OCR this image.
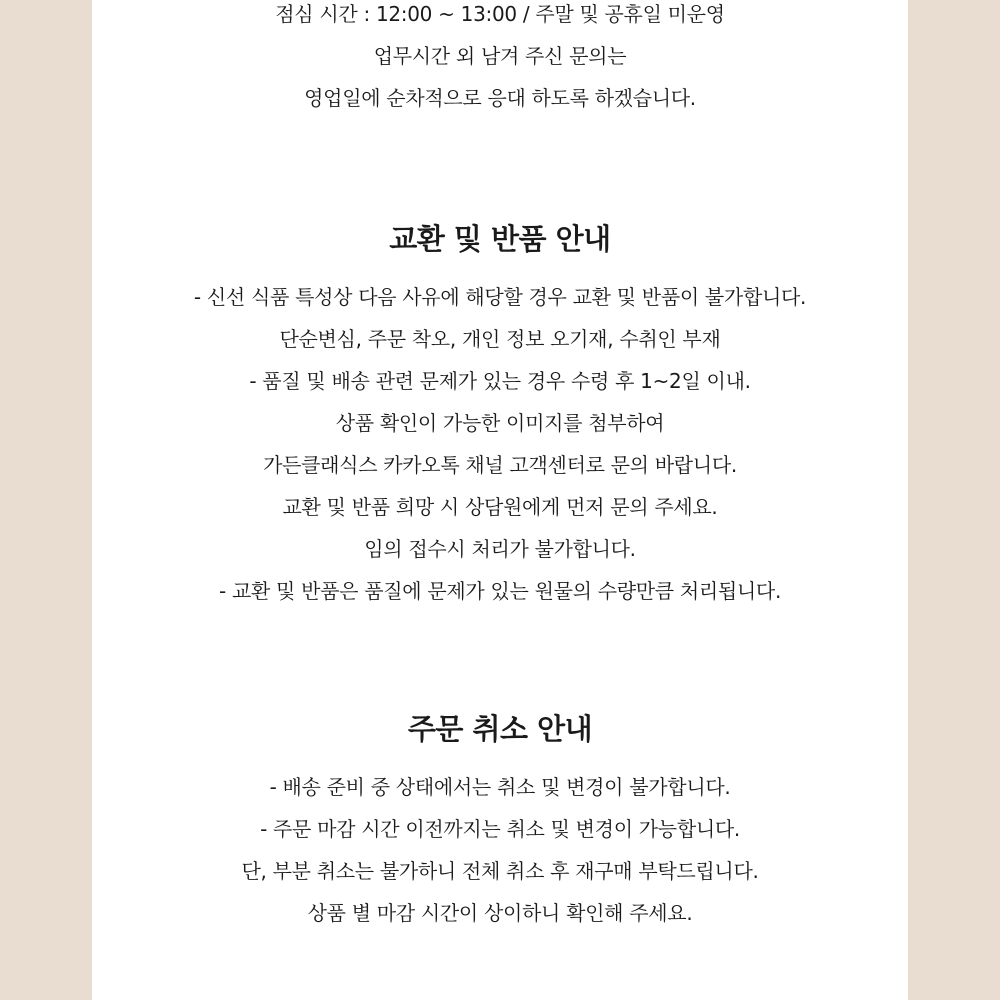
점심 시간 : 12:00 ~ 13:00 / 주말 및 공휴일 미운영
업무시간 외 남겨 주신 문의는
영업일에 순차적으로 응대 하도록 하겠습니다.
교환 및 반품 안내
- 신선 식품 특성상 다음 사유에 해당할 경우 교환 및 반품이 불가합니다.
단순변심, 주문 착오, 개인 정보 오기재, 수취인 부재
- 품질 및 배송 관련 문제가 있는 경우 수령 후 1~2일 이내.
상품 확인이 가능한 이미지를 첨부하여
가든클래식스 카카오톡 채널 고객센터로 문의 바랍니다.
교환 및 반품 희망 시 상담원에게 먼저 문의 주세요.
임의 접수시 처리가 불가합니다.
- 교환 및 반품은 품질에 문제가 있는 원물의 수량만큼 처리됩니다.
주문 취소 안내
- 배송 준비 중 상태에서는 취소 및 변경이 불가합니다.
- 주문 마감 시간 이전까지는 취소 및 변경이 가능합니다.
단, 부분 취소는 불가하니 전체 취소 후 재구매 부탁드립니다.
상품 별 마감 시간이 상이하니 확인해 주세요.
